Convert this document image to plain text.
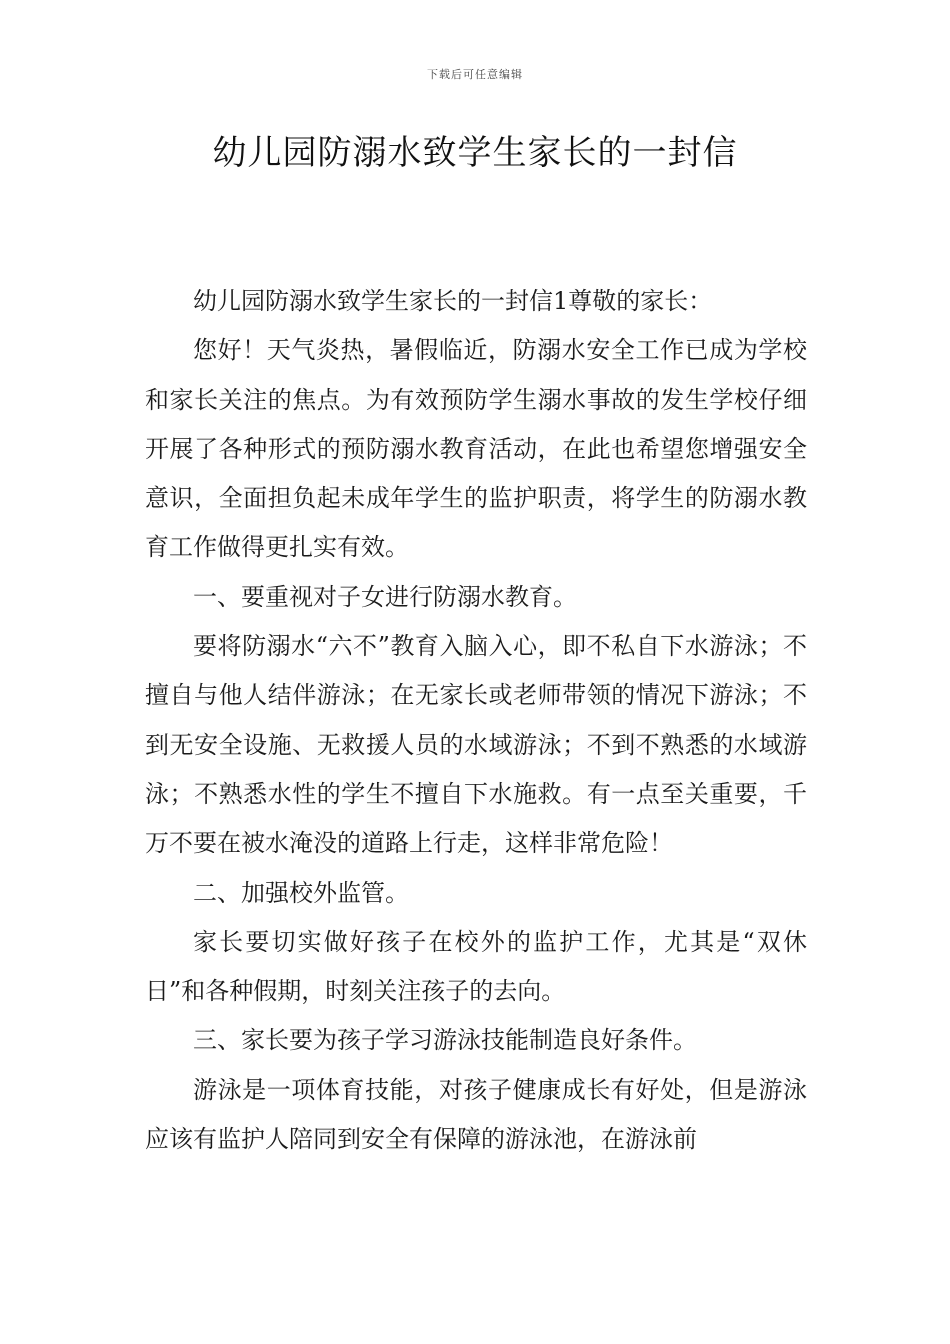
下载后可任意编辑
幼儿园防溺水致学生家长的一封信

幼儿园防溺水致学生家长的一封信1尊敬的家长：

您好！天气炎热，暑假临近，防溺水安全工作已成为学校和家长关注的焦点。为有效预防学生溺水事故的发生学校仔细开展了各种形式的预防溺水教育活动，在此也希望您增强安全意识，全面担负起未成年学生的监护职责，将学生的防溺水教育工作做得更扎实有效。

一、要重视对子女进行防溺水教育。

要将防溺水“六不”教育入脑入心，即不私自下水游泳；不擅自与他人结伴游泳；在无家长或老师带领的情况下游泳；不到无安全设施、无救援人员的水域游泳；不到不熟悉的水域游泳；不熟悉水性的学生不擅自下水施救。有一点至关重要，千万不要在被水淹没的道路上行走，这样非常危险！

二、加强校外监管。

家长要切实做好孩子在校外的监护工作，尤其是“双休日”和各种假期，时刻关注孩子的去向。

三、家长要为孩子学习游泳技能制造良好条件。

游泳是一项体育技能，对孩子健康成长有好处，但是游泳应该有监护人陪同到安全有保障的游泳池，在游泳前
